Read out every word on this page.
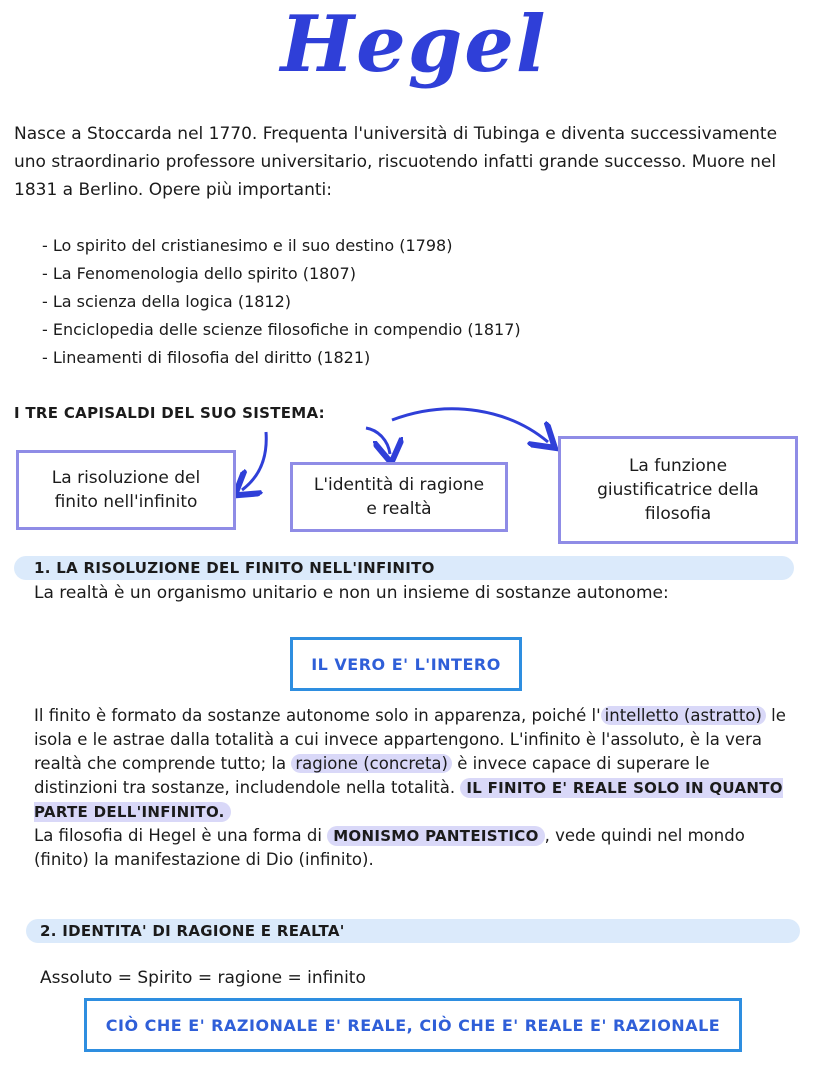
Hegel
Nasce a Stoccarda nel 1770. Frequenta l'università di Tubinga e diventa successivamente uno straordinario professore universitario, riscuotendo infatti grande successo. Muore nel 1831 a Berlino. Opere più importanti:
- Lo spirito del cristianesimo e il suo destino (1798)
- La Fenomenologia dello spirito (1807)
- La scienza della logica (1812)
- Enciclopedia delle scienze filosofiche in compendio (1817)
- Lineamenti di filosofia del diritto (1821)
I TRE CAPISALDI DEL SUO SISTEMA:
La risoluzione del finito nell'infinito
L'identità di ragione e realtà
La funzione giustificatrice della filosofia
1. LA RISOLUZIONE DEL FINITO NELL'INFINITO
La realtà è un organismo unitario e non un insieme di sostanze autonome:
IL VERO E' L'INTERO
Il finito è formato da sostanze autonome solo in apparenza, poiché l' intelletto (astratto) le isola e le astrae dalla totalità a cui invece appartengono. L'infinito è l'assoluto, è la vera realtà che comprende tutto; la ragione (concreta) è invece capace di superare le distinzioni tra sostanze, includendole nella totalità. IL FINITO E' REALE SOLO IN QUANTO PARTE DELL'INFINITO.
La filosofia di Hegel è una forma di MONISMO PANTEISTICO , vede quindi nel mondo (finito) la manifestazione di Dio (infinito).
2. IDENTITA' DI RAGIONE E REALTA'
Assoluto = Spirito = ragione = infinito
CIÒ CHE E' RAZIONALE E' REALE, CIÒ CHE E' REALE E' RAZIONALE
